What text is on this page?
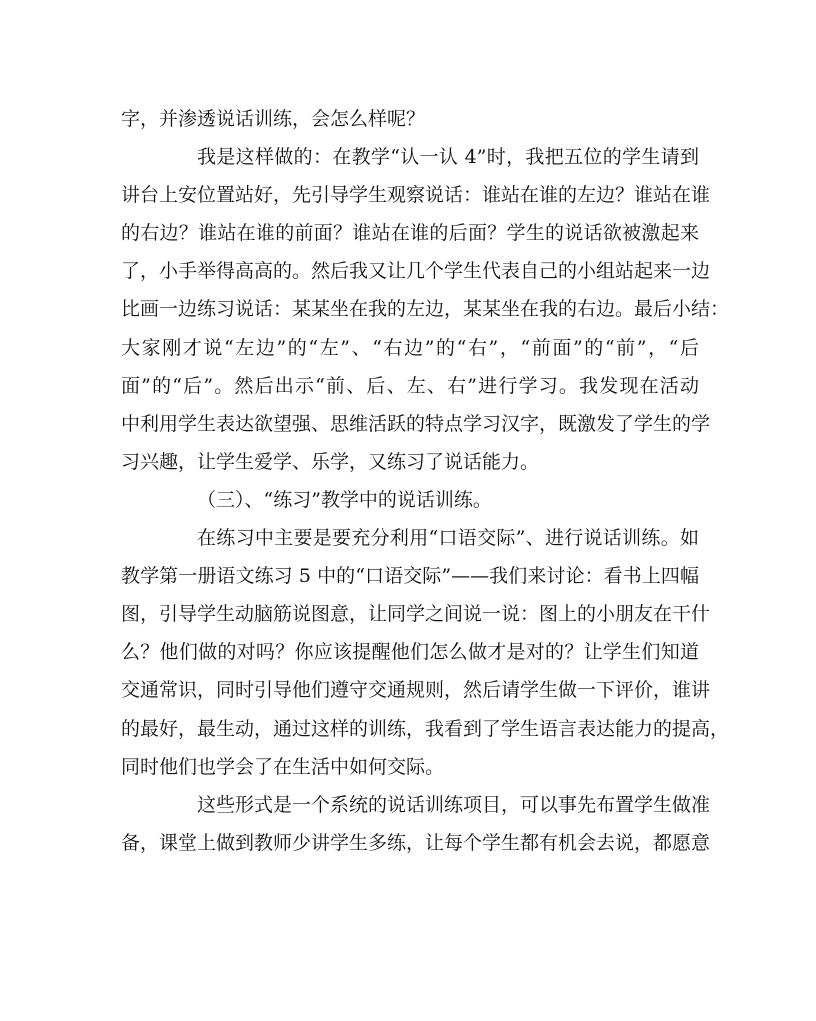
字，并渗透说话训练，会怎么样呢？
我是这样做的：在教学“认一认 4”时，我把五位的学生请到
讲台上安位置站好，先引导学生观察说话：谁站在谁的左边？谁站在谁
的右边？谁站在谁的前面？谁站在谁的后面？学生的说话欲被激起来
了，小手举得高高的。然后我又让几个学生代表自己的小组站起来一边
比画一边练习说话：某某坐在我的左边，某某坐在我的右边。最后小结：
大家刚才说“左边”的“左”、“右边”的“右”，“前面”的“前”，“后
面”的“后”。然后出示“前、后、左、右”进行学习。我发现在活动
中利用学生表达欲望强、思维活跃的特点学习汉字，既激发了学生的学
习兴趣，让学生爱学、乐学，又练习了说话能力。
（三）、“练习”教学中的说话训练。
在练习中主要是要充分利用“口语交际”、进行说话训练。如
教学第一册语文练习 5 中的“口语交际”——我们来讨论：看书上四幅
图，引导学生动脑筋说图意，让同学之间说一说：图上的小朋友在干什
么？他们做的对吗？你应该提醒他们怎么做才是对的？让学生们知道
交通常识，同时引导他们遵守交通规则，然后请学生做一下评价，谁讲
的最好，最生动，通过这样的训练，我看到了学生语言表达能力的提高，
同时他们也学会了在生活中如何交际。
这些形式是一个系统的说话训练项目，可以事先布置学生做准
备，课堂上做到教师少讲学生多练，让每个学生都有机会去说，都愿意
